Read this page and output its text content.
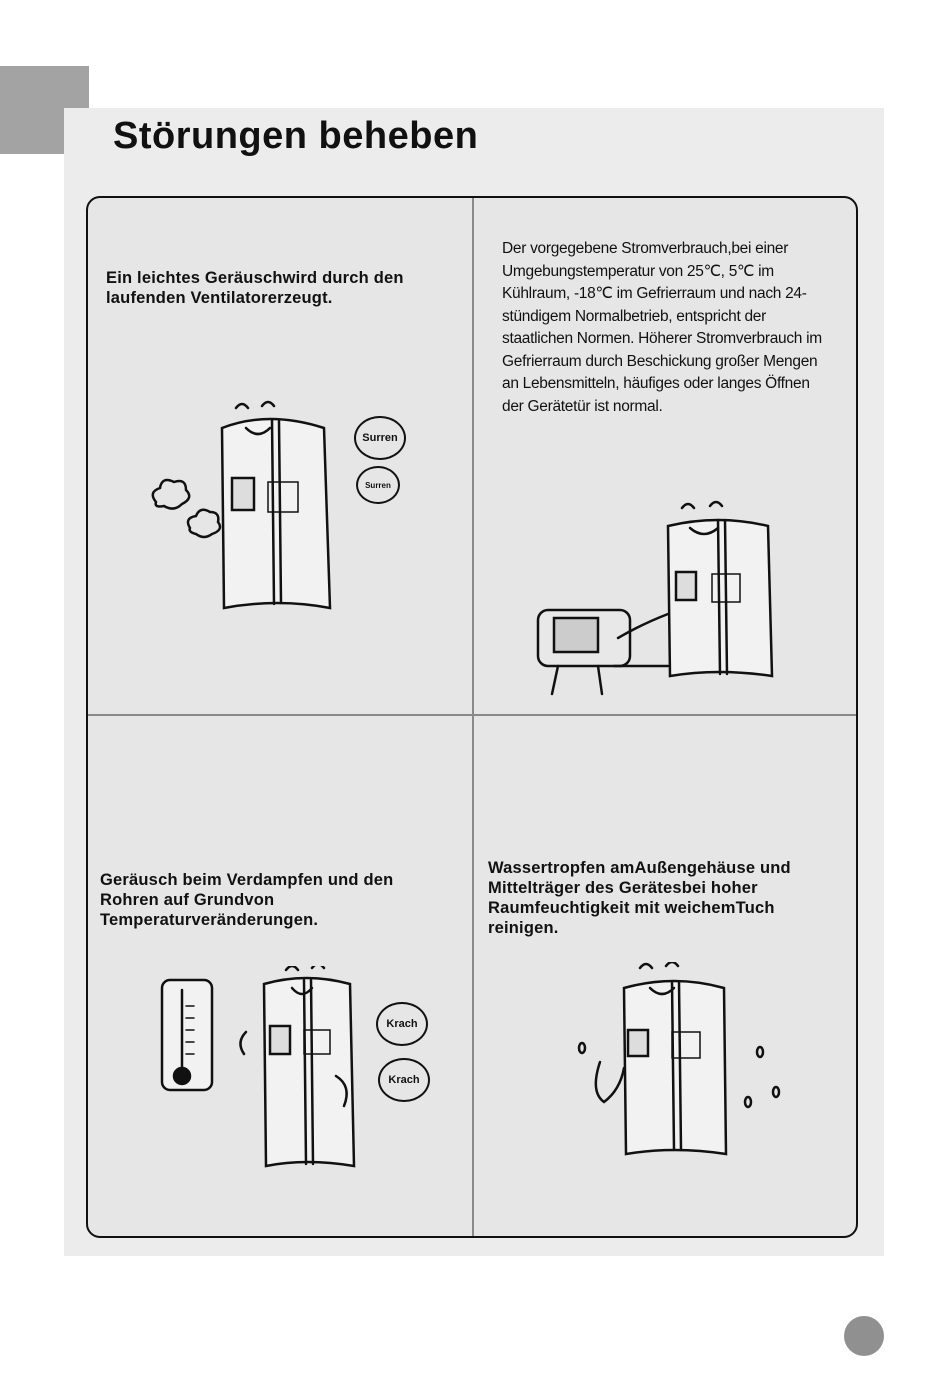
Störungen beheben
Ein leichtes Geräuschwird durch den laufenden Ventilatorerzeugt.
Surren
Surren
Der vorgegebene Stromverbrauch,bei einer Umgebungstemperatur von 25℃, 5℃ im Kühlraum, -18℃ im Gefrierraum und nach 24- stündigem Normalbetrieb, entspricht der staatlichen Normen. Höherer Stromverbrauch im Gefrierraum durch Beschickung großer Mengen an Lebensmitteln, häufiges oder langes Öffnen der Gerätetür ist normal.
Geräusch beim Verdampfen und den Rohren auf Grundvon Temperaturveränderungen.
Krach
Krach
Wassertropfen amAußengehäuse und Mittelträger des Gerätesbei hoher Raumfeuchtigkeit mit weichemTuch reinigen.
